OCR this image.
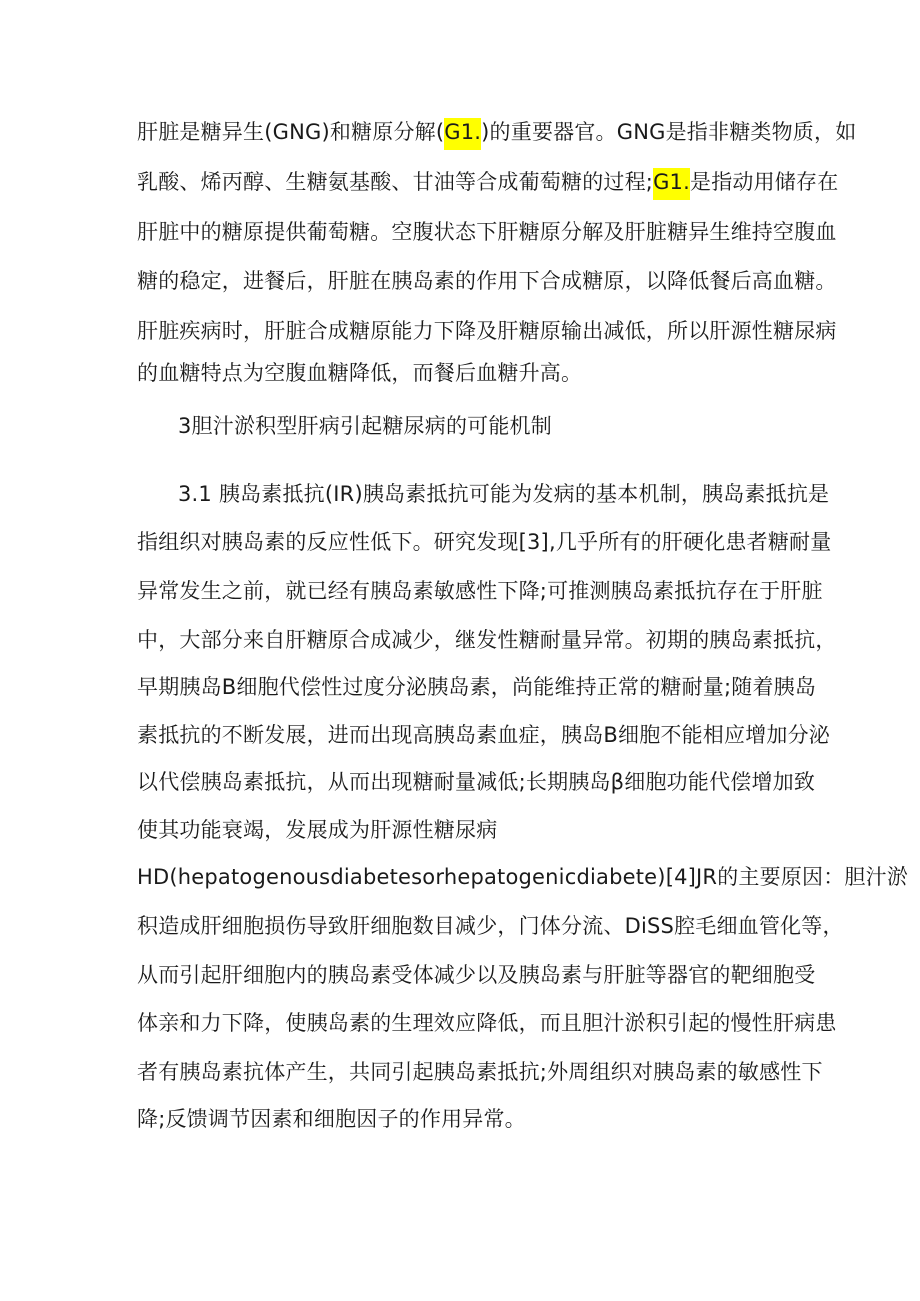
肝脏是糖异生(GNG)和糖原分解(G1.)的重要器官。GNG是指非糖类物质，如
乳酸、烯丙醇、生糖氨基酸、甘油等合成葡萄糖的过程;G1.是指动用储存在
肝脏中的糖原提供葡萄糖。空腹状态下肝糖原分解及肝脏糖异生维持空腹血
糖的稳定，进餐后，肝脏在胰岛素的作用下合成糖原，以降低餐后高血糖。
肝脏疾病时，肝脏合成糖原能力下降及肝糖原输出减低，所以肝源性糖尿病
的血糖特点为空腹血糖降低，而餐后血糖升高。
3胆汁淤积型肝病引起糖尿病的可能机制
3.1 胰岛素抵抗(IR)胰岛素抵抗可能为发病的基本机制，胰岛素抵抗是
指组织对胰岛素的反应性低下。研究发现[3],几乎所有的肝硬化患者糖耐量
异常发生之前，就已经有胰岛素敏感性下降;可推测胰岛素抵抗存在于肝脏
中，大部分来自肝糖原合成减少，继发性糖耐量异常。初期的胰岛素抵抗，
早期胰岛B细胞代偿性过度分泌胰岛素，尚能维持正常的糖耐量;随着胰岛
素抵抗的不断发展，进而出现高胰岛素血症，胰岛B细胞不能相应增加分泌
以代偿胰岛素抵抗，从而出现糖耐量减低;长期胰岛β细胞功能代偿增加致
使其功能衰竭，发展成为肝源性糖尿病
HD(hepatogenousdiabetesorhepatogenicdiabete)[4]JR的主要原因：胆汁淤
积造成肝细胞损伤导致肝细胞数目减少，门体分流、DiSS腔毛细血管化等，
从而引起肝细胞内的胰岛素受体减少以及胰岛素与肝脏等器官的靶细胞受
体亲和力下降，使胰岛素的生理效应降低，而且胆汁淤积引起的慢性肝病患
者有胰岛素抗体产生，共同引起胰岛素抵抗;外周组织对胰岛素的敏感性下
降;反馈调节因素和细胞因子的作用异常。
